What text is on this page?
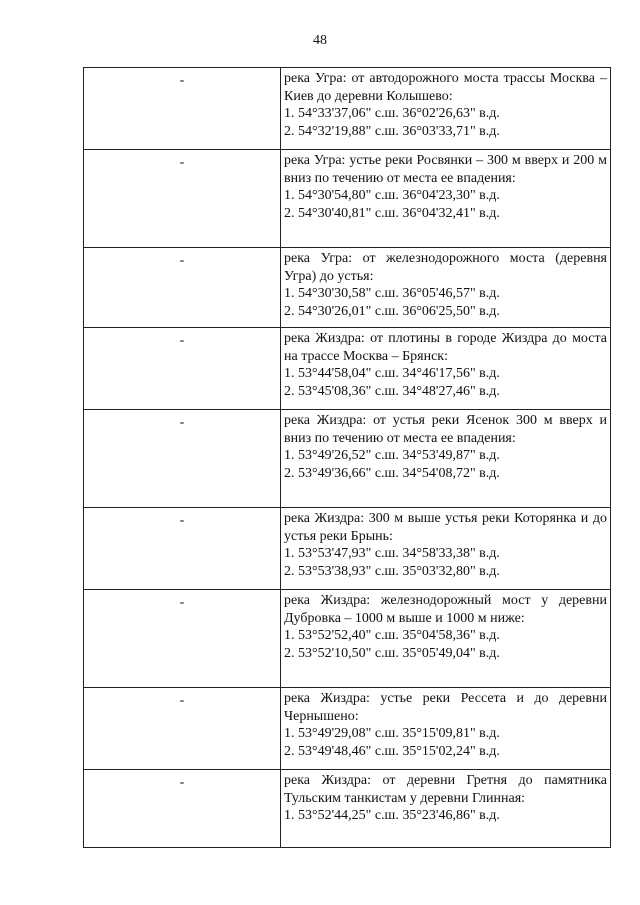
48
-	река Угра: от автодорожного моста трассы Москва – Киев до деревни Колышево:
1. 54°33'37,06" с.ш. 36°02'26,63" в.д.
2. 54°32'19,88" с.ш. 36°03'33,71" в.д.

-	река Угра: устье реки Росвянки – 300 м вверх и 200 м вниз по течению от места ее впадения:
1. 54°30'54,80" с.ш. 36°04'23,30" в.д.
2. 54°30'40,81" с.ш. 36°04'32,41" в.д.

-	река Угра: от железнодорожного моста (деревня Угра) до устья:
1. 54°30'30,58" с.ш. 36°05'46,57" в.д.
2. 54°30'26,01" с.ш. 36°06'25,50" в.д.

-	река Жиздра: от плотины в городе Жиздра до моста на трассе Москва – Брянск:
1. 53°44'58,04" с.ш. 34°46'17,56" в.д.
2. 53°45'08,36" с.ш. 34°48'27,46" в.д.

-	река Жиздра: от устья реки Ясенок 300 м вверх и вниз по течению от места ее впадения:
1. 53°49'26,52" с.ш. 34°53'49,87" в.д.
2. 53°49'36,66" с.ш. 34°54'08,72" в.д.

-	река Жиздра: 300 м выше устья реки Которянка и до устья реки Брынь:
1. 53°53'47,93" с.ш. 34°58'33,38" в.д.
2. 53°53'38,93" с.ш. 35°03'32,80" в.д.

-	река Жиздра: железнодорожный мост у деревни Дубровка – 1000 м выше и 1000 м ниже:
1. 53°52'52,40" с.ш. 35°04'58,36" в.д.
2. 53°52'10,50" с.ш. 35°05'49,04" в.д.

-	река Жиздра: устье реки Рессета и до деревни Чернышено:
1. 53°49'29,08" с.ш. 35°15'09,81" в.д.
2. 53°49'48,46" с.ш. 35°15'02,24" в.д.

-	река Жиздра: от деревни Гретня до памятника Тульским танкистам у деревни Глинная:
1. 53°52'44,25" с.ш. 35°23'46,86" в.д.
